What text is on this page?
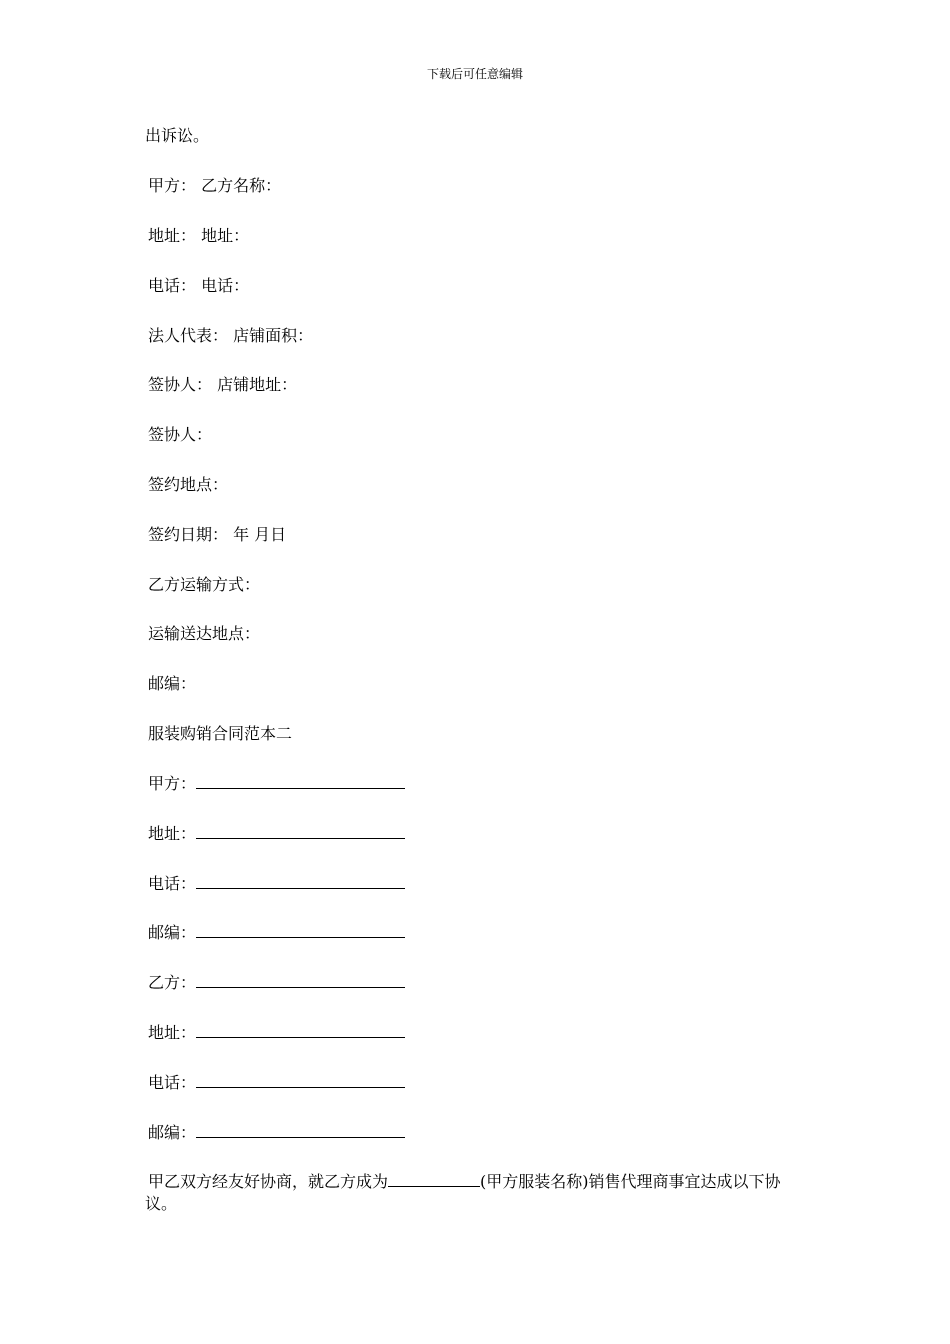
下载后可任意编辑
出诉讼。
甲方： 乙方名称：
地址： 地址：
电话： 电话：
法人代表： 店铺面积：
签协人： 店铺地址：
签协人：
签约地点：
签约日期： 年 月日
乙方运输方式：
运输送达地点：
邮编：
服装购销合同范本二
甲方：
地址：
电话：
邮编：
乙方：
地址：
电话：
邮编：
甲乙双方经友好协商，就乙方成为	(甲方服装名称)销售代理商事宜达成以下协
议。
